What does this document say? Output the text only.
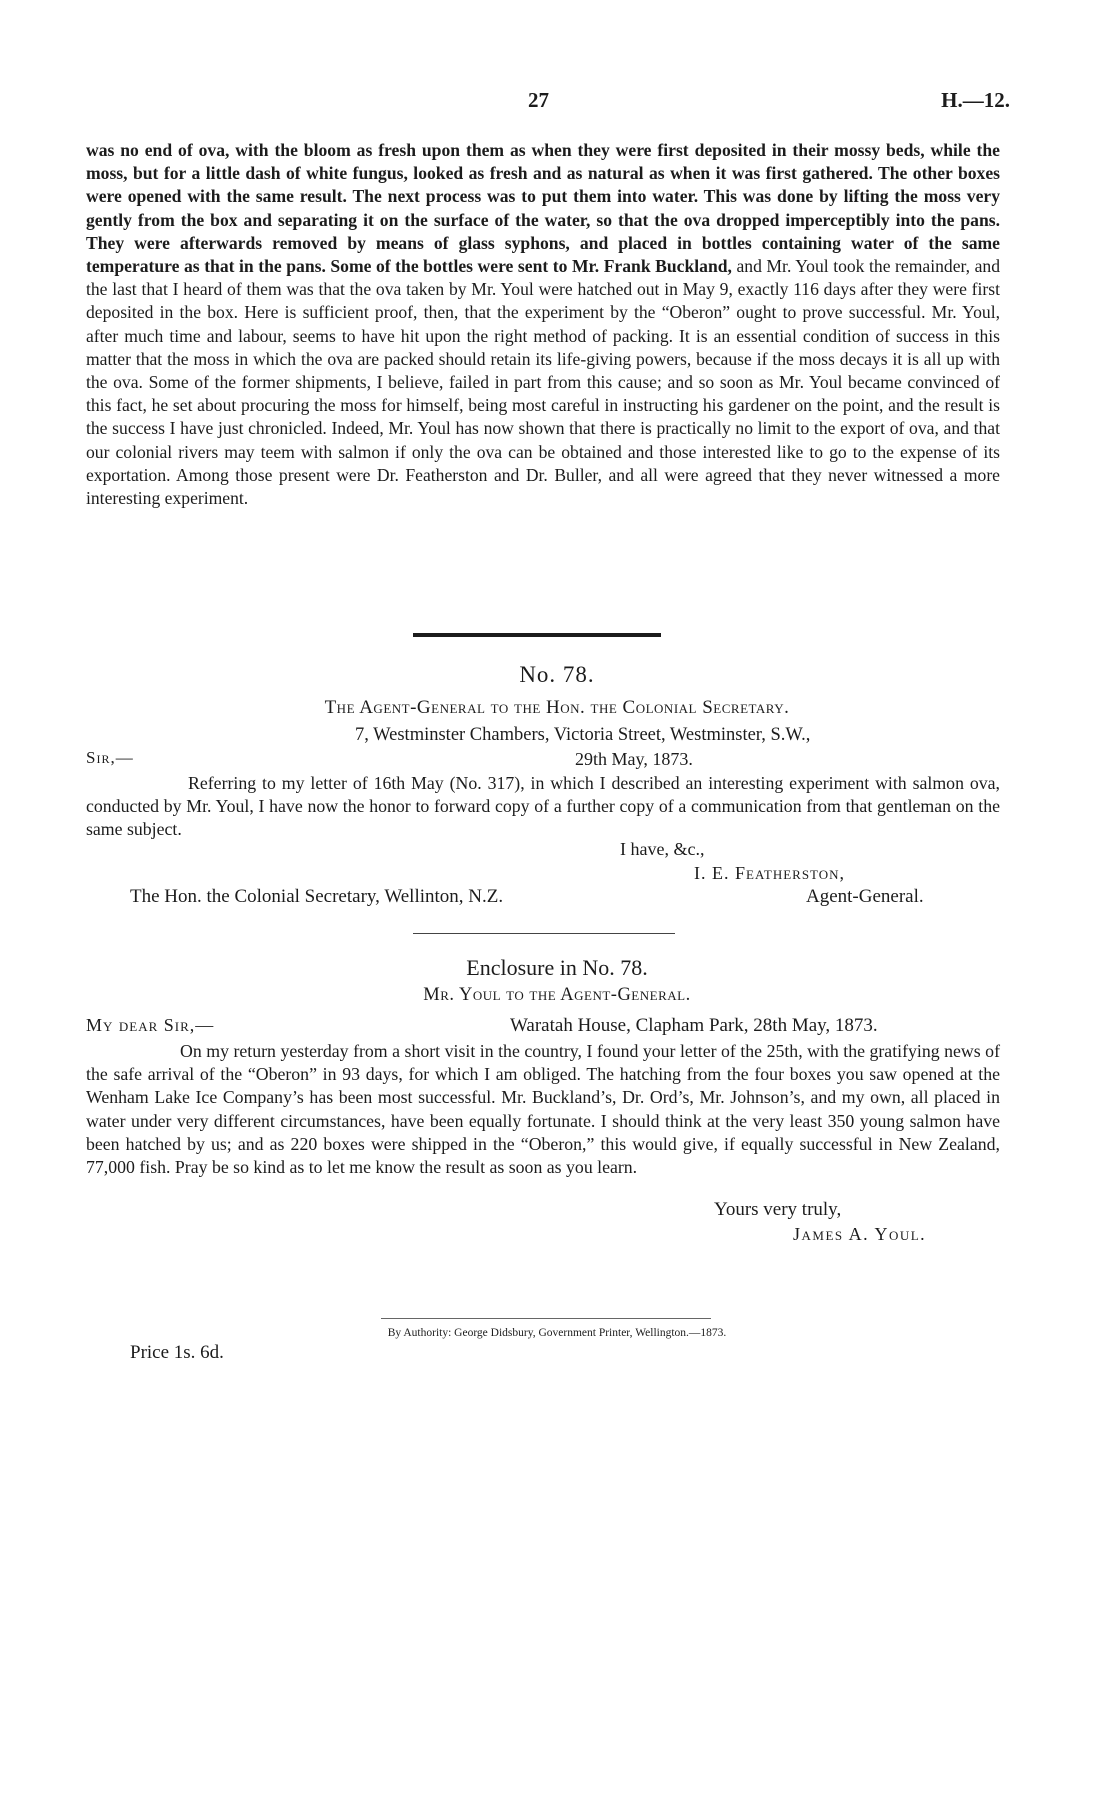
27	H.—12.
was no end of ova, with the bloom as fresh upon them as when they were first deposited in their mossy beds, while the moss, but for a little dash of white fungus, looked as fresh and as natural as when it was first gathered. The other boxes were opened with the same result. The next process was to put them into water. This was done by lifting the moss very gently from the box and separating it on the surface of the water, so that the ova dropped imperceptibly into the pans. They were afterwards removed by means of glass syphons, and placed in bottles containing water of the same temperature as that in the pans. Some of the bottles were sent to Mr. Frank Buckland, and Mr. Youl took the remainder, and the last that I heard of them was that the ova taken by Mr. Youl were hatched out in May 9, exactly 116 days after they were first deposited in the box. Here is sufficient proof, then, that the experiment by the “Oberon” ought to prove successful. Mr. Youl, after much time and labour, seems to have hit upon the right method of packing. It is an essential condition of success in this matter that the moss in which the ova are packed should retain its life-giving powers, because if the moss decays it is all up with the ova. Some of the former shipments, I believe, failed in part from this cause; and so soon as Mr. Youl became convinced of this fact, he set about procuring the moss for himself, being most careful in instructing his gardener on the point, and the result is the success I have just chronicled. Indeed, Mr. Youl has now shown that there is practically no limit to the export of ova, and that our colonial rivers may teem with salmon if only the ova can be obtained and those interested like to go to the expense of its exportation. Among those present were Dr. Featherston and Dr. Buller, and all were agreed that they never witnessed a more interesting experiment.
No. 78.
The Agent-General to the Hon. the Colonial Secretary.
7, Westminster Chambers, Victoria Street, Westminster, S.W.,
Sir,—	29th May, 1873.
Referring to my letter of 16th May (No. 317), in which I described an interesting experiment with salmon ova, conducted by Mr. Youl, I have now the honor to forward copy of a further copy of a communication from that gentleman on the same subject.
I have, &c.,
I. E. Featherston,
The Hon. the Colonial Secretary, Wellinton, N.Z.	Agent-General.
Enclosure in No. 78.
Mr. Youl to the Agent-General.
My dear Sir,—	Waratah House, Clapham Park, 28th May, 1873.
On my return yesterday from a short visit in the country, I found your letter of the 25th, with the gratifying news of the safe arrival of the “Oberon” in 93 days, for which I am obliged. The hatching from the four boxes you saw opened at the Wenham Lake Ice Company’s has been most successful. Mr. Buckland’s, Dr. Ord’s, Mr. Johnson’s, and my own, all placed in water under very different circumstances, have been equally fortunate. I should think at the very least 350 young salmon have been hatched by us; and as 220 boxes were shipped in the “Oberon,” this would give, if equally successful in New Zealand, 77,000 fish. Pray be so kind as to let me know the result as soon as you learn.
Yours very truly,
James A. Youl.
By Authority: George Didsbury, Government Printer, Wellington.—1873.
Price 1s. 6d.
